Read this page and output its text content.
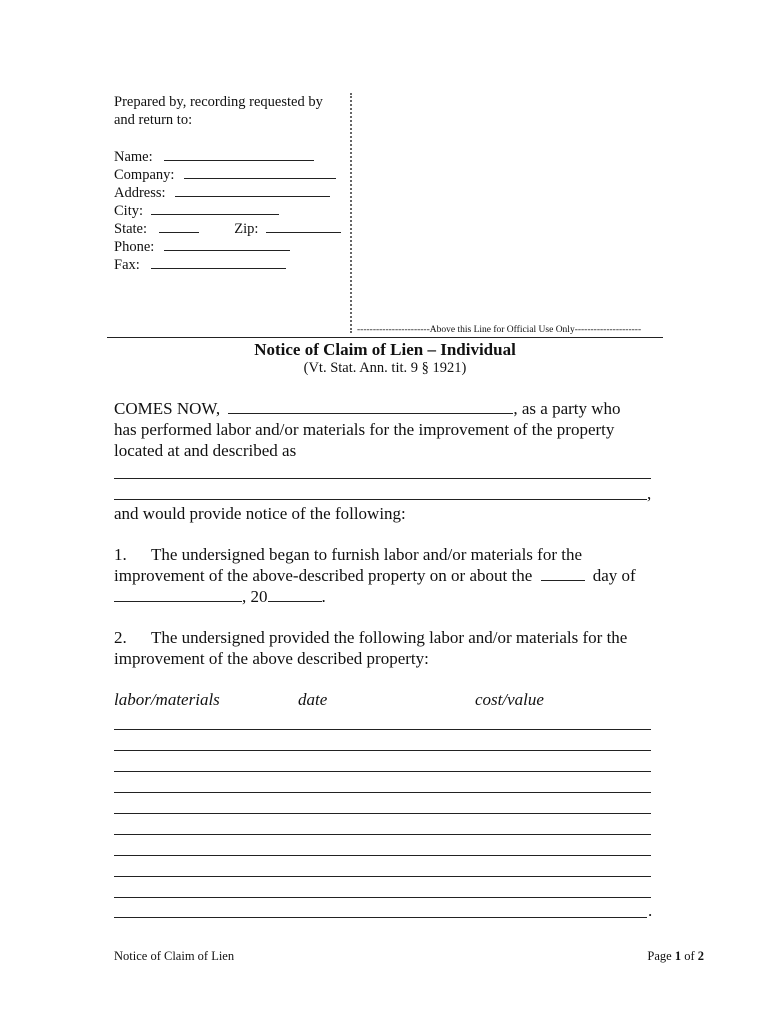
Prepared by, recording requested by
and return to:
Name:
Company:
Address:
City:
State:	Zip:
Phone:
Fax:
-----------------------Above this Line for Official Use Only---------------------
Notice of Claim of Lien – Individual
(Vt. Stat. Ann. tit. 9 § 1921)
COMES NOW,	, as a party who
has performed labor and/or materials for the improvement of the property
located at and described as
,
and would provide notice of the following:
1. The undersigned began to furnish labor and/or materials for the
improvement of the above-described property on or about the	day of
, 20	.
2. The undersigned provided the following labor and/or materials for the
improvement of the above described property:
labor/materials	date	cost/value
.
Notice of Claim of Lien	Page 1 of 2
